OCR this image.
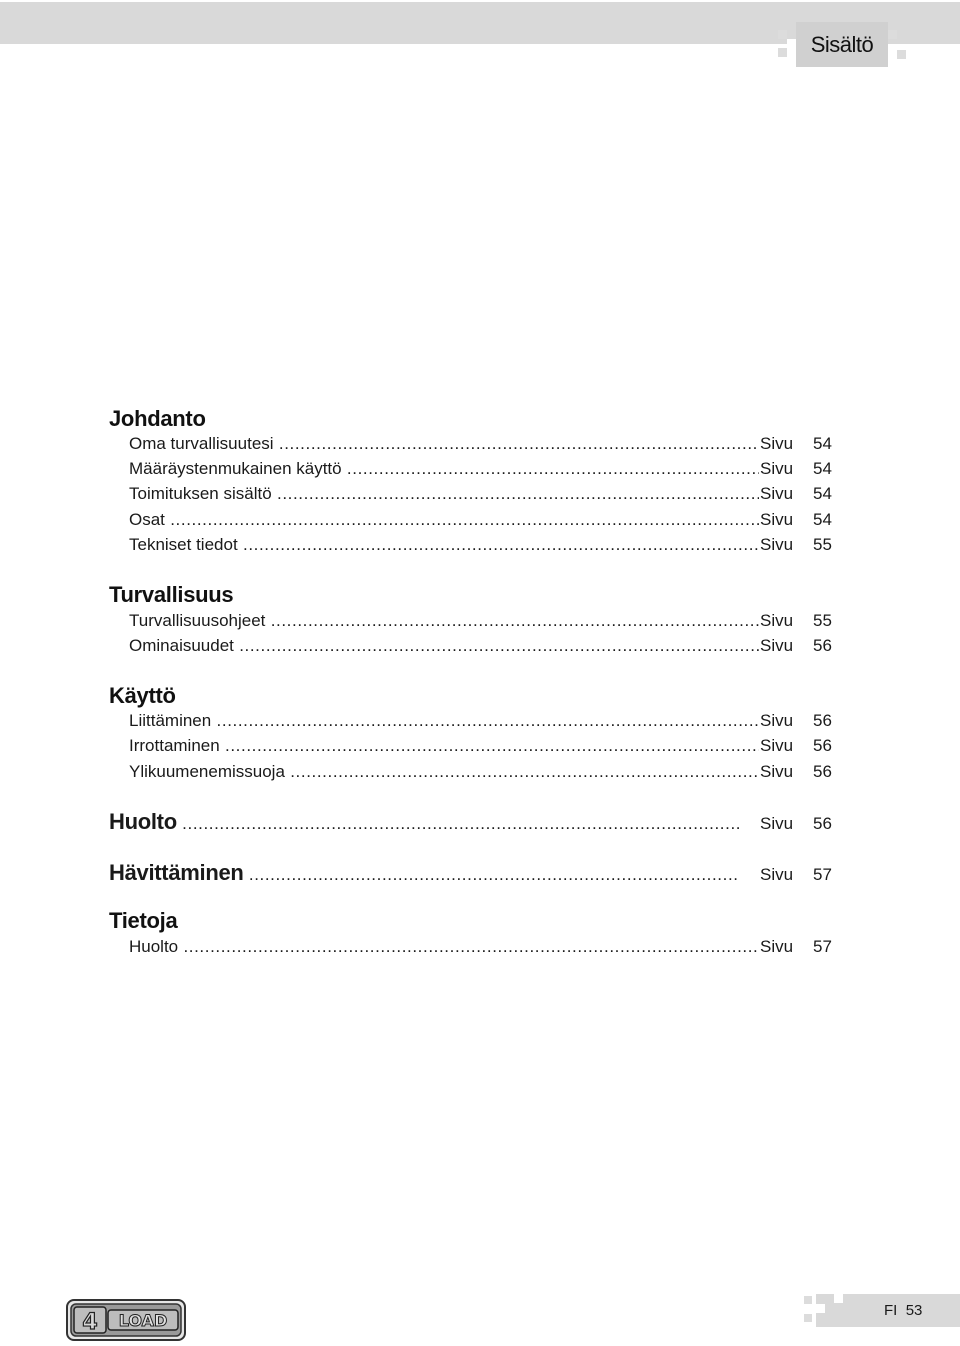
Sisältö
Johdanto
Oma turvallisuutesi .....	Sivu	54
Määräystenmukainen käyttö .....	Sivu	54
Toimituksen sisältö .....	Sivu	54
Osat .....	Sivu	54
Tekniset tiedot .....	Sivu	55
Turvallisuus
Turvallisuusohjeet .....	Sivu	55
Ominaisuudet .....	Sivu	56
Käyttö
Liittäminen .....	Sivu	56
Irrottaminen .....	Sivu	56
Ylikuumenemissuoja .....	Sivu	56
Huolto .....	Sivu	56
Hävittäminen .....	Sivu	57
Tietoja
Huolto .....	Sivu	57
4 LOAD
FI 53
